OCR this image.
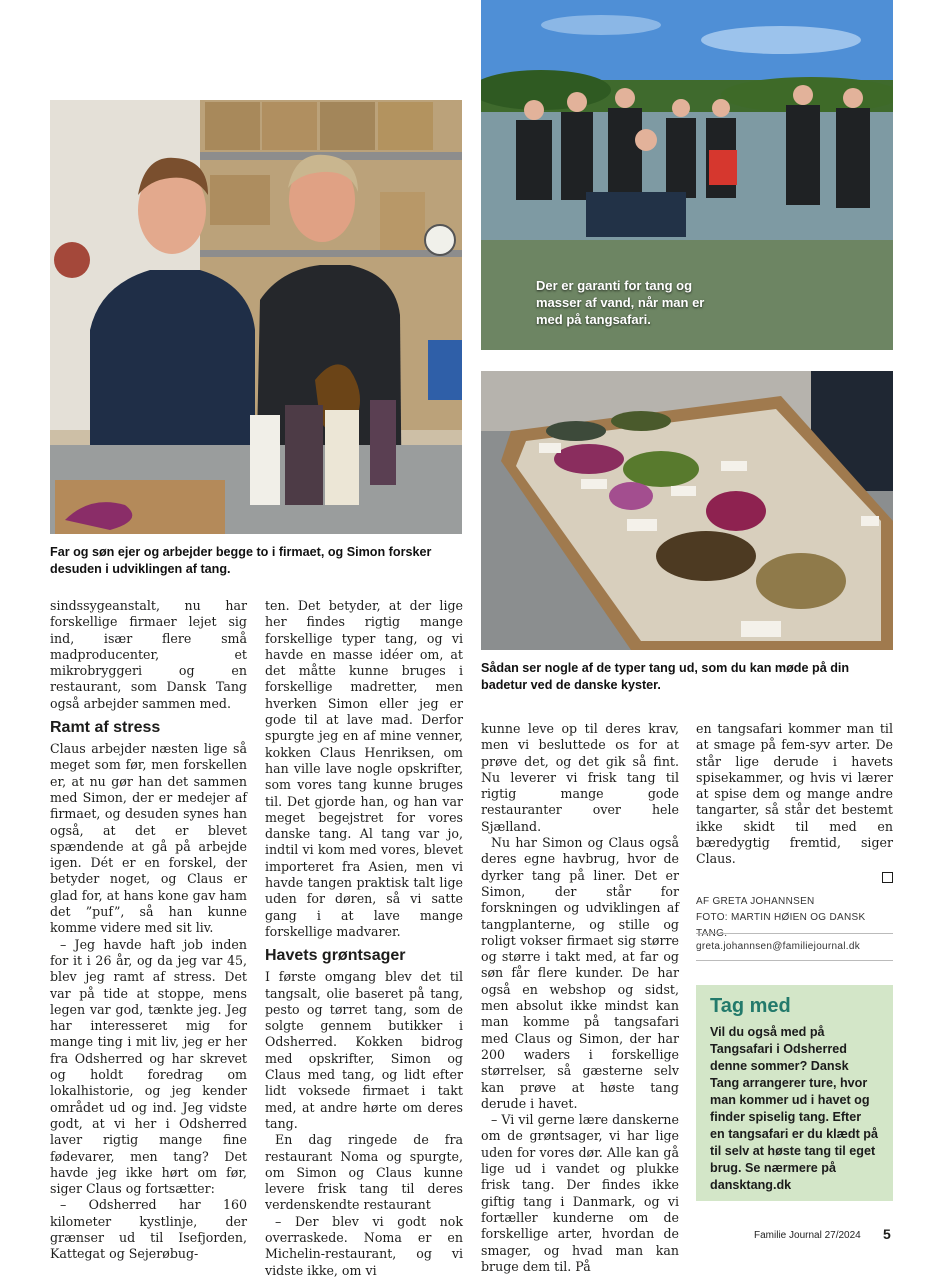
Far og søn ejer og arbejder begge to i firmaet, og Simon forsker desuden i udviklingen af tang.
Der er garanti for tang og masser af vand, når man er med på tangsafari.
Sådan ser nogle af de typer tang ud, som du kan møde på din badetur ved de danske kyster.

sindssygeanstalt, nu har forskellige firmaer lejet sig ind, især flere små madproducenter, et mikrobryggeri og en restaurant, som Dansk Tang også arbejder sammen med.

Ramt af stress

Claus arbejder næsten lige så meget som før, men forskellen er, at nu gør han det sammen med Simon, der er medejer af firmaet, og desuden synes han også, at det er blevet spændende at gå på arbejde igen. Dét er en forskel, der betyder noget, og Claus er glad for, at hans kone gav ham det ”puf”, så han kunne komme videre med sit liv.

– Jeg havde haft job inden for it i 26 år, og da jeg var 45, blev jeg ramt af stress. Det var på tide at stoppe, mens legen var god, tænkte jeg. Jeg har interesseret mig for mange ting i mit liv, jeg er her fra Odsherred og har skrevet og holdt foredrag om lokalhistorie, og jeg kender området ud og ind. Jeg vidste godt, at vi her i Odsherred laver rigtig mange fine fødevarer, men tang? Det havde jeg ikke hørt om før, siger Claus og fortsætter:

– Odsherred har 160 kilometer kystlinje, der grænser ud til Isefjorden, Kattegat og Sejerøbug-

ten. Det betyder, at der lige her findes rigtig mange forskellige typer tang, og vi havde en masse idéer om, at det måtte kunne bruges i forskellige madretter, men hverken Simon eller jeg er gode til at lave mad. Derfor spurgte jeg en af mine venner, kokken Claus Henriksen, om han ville lave nogle opskrifter, som vores tang kunne bruges til. Det gjorde han, og han var meget begejstret for vores danske tang. Al tang var jo, indtil vi kom med vores, blevet importeret fra Asien, men vi havde tangen praktisk talt lige uden for døren, så vi satte gang i at lave mange forskellige madvarer.

Havets grøntsager

I første omgang blev det til tangsalt, olie baseret på tang, pesto og tørret tang, som de solgte gennem butikker i Odsherred. Kokken bidrog med opskrifter, Simon og Claus med tang, og lidt efter lidt voksede firmaet i takt med, at andre hørte om deres tang.

En dag ringede de fra restaurant Noma og spurgte, om Simon og Claus kunne levere frisk tang til deres verdenskendte restaurant

– Der blev vi godt nok overraskede. Noma er en Michelin-restaurant, og vi vidste ikke, om vi

kunne leve op til deres krav, men vi besluttede os for at prøve det, og det gik så fint. Nu leverer vi frisk tang til rigtig mange gode restauranter over hele Sjælland.

Nu har Simon og Claus også deres egne havbrug, hvor de dyrker tang på liner. Det er Simon, der står for forskningen og udviklingen af tangplanterne, og stille og roligt vokser firmaet sig større og større i takt med, at far og søn får flere kunder. De har også en webshop og sidst, men absolut ikke mindst kan man komme på tangsafari med Claus og Simon, der har 200 waders i forskellige størrelser, så gæsterne selv kan prøve at høste tang derude i havet.

– Vi vil gerne lære danskerne om de grøntsager, vi har lige uden for vores dør. Alle kan gå lige ud i vandet og plukke frisk tang. Der findes ikke giftig tang i Danmark, og vi fortæller kunderne om de forskellige arter, hvordan de smager, og hvad man kan bruge dem til. På

en tangsafari kommer man til at smage på fem-syv arter. De står lige derude i havets spisekammer, og hvis vi lærer at spise dem og mange andre tangarter, så står det bestemt ikke skidt til med en bæredygtig fremtid, siger Claus.

AF GRETA JOHANNSEN
FOTO: MARTIN HØIEN OG DANSK
greta.johannsen@familiejournal.dk
Tag med

Vil du også med på Tangsafari i Odsherred denne sommer? Dansk Tang arrangerer ture, hvor man kommer ud i havet og finder spiselig tang. Efter en tangsafari er du klædt på til selv at høste tang til eget brug. Se nærmere på dansktang.dk

Familie Journal 27/2024 5
